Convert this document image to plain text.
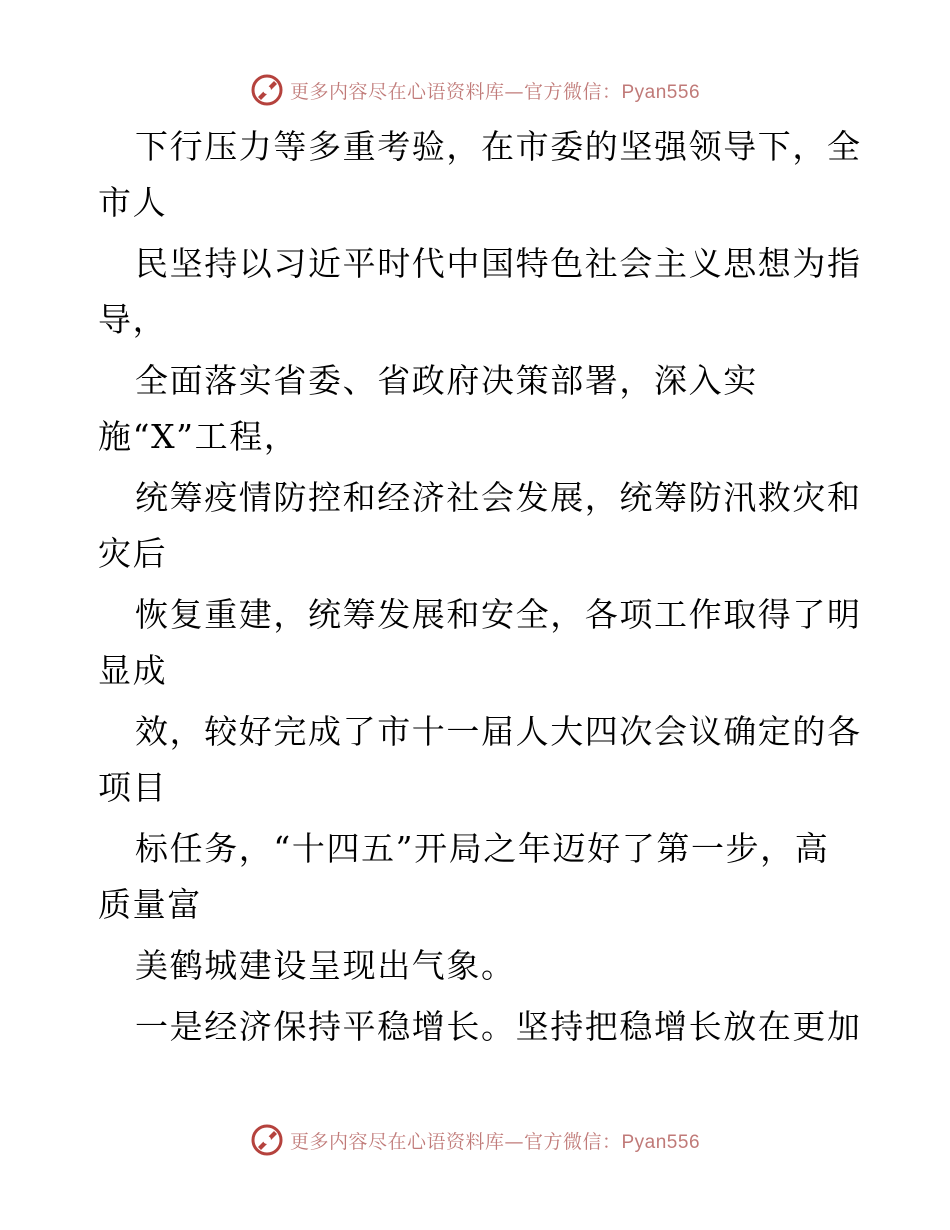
更多内容尽在心语资料库—官方微信：Pyan556
下行压力等多重考验，在市委的坚强领导下，全
市人
民坚持以习近平时代中国特色社会主义思想为指
导，
全面落实省委、省政府决策部署，深入实
施“X”工程，
统筹疫情防控和经济社会发展，统筹防汛救灾和
灾后
恢复重建，统筹发展和安全，各项工作取得了明
显成
效，较好完成了市十一届人大四次会议确定的各
项目
标任务，“十四五”开局之年迈好了第一步，高
质量富
美鹤城建设呈现出气象。
一是经济保持平稳增长。坚持把稳增长放在更加
更多内容尽在心语资料库—官方微信：Pyan556
